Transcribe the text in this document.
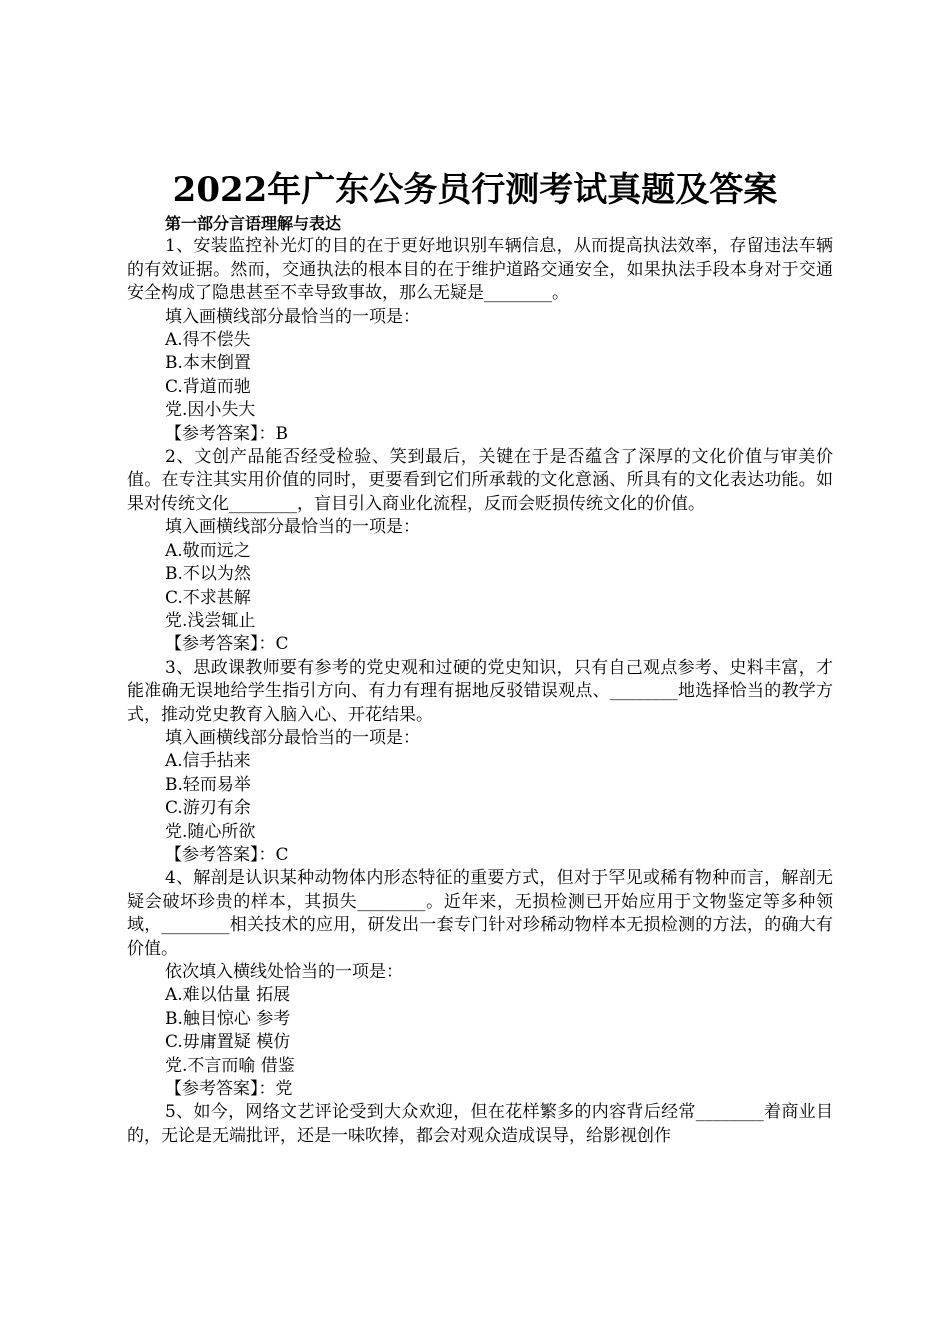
2022年广东公务员行测考试真题及答案
第一部分言语理解与表达

1、安装监控补光灯的目的在于更好地识别车辆信息，从而提高执法效率，存留违法车辆的有效证据。然而，交通执法的根本目的在于维护道路交通安全，如果执法手段本身对于交通安全构成了隐患甚至不幸导致事故，那么无疑是________。

填入画横线部分最恰当的一项是：
A.得不偿失
B.本末倒置
C.背道而驰
党.因小失大
【参考答案】：B

2、文创产品能否经受检验、笑到最后，关键在于是否蕴含了深厚的文化价值与审美价值。在专注其实用价值的同时，更要看到它们所承载的文化意涵、所具有的文化表达功能。如果对传统文化________，盲目引入商业化流程，反而会贬损传统文化的价值。

填入画横线部分最恰当的一项是：
A.敬而远之
B.不以为然
C.不求甚解
党.浅尝辄止
【参考答案】：C

3、思政课教师要有参考的党史观和过硬的党史知识，只有自己观点参考、史料丰富，才能准确无误地给学生指引方向、有力有理有据地反驳错误观点、________地选择恰当的教学方式，推动党史教育入脑入心、开花结果。

填入画横线部分最恰当的一项是：
A.信手拈来
B.轻而易举
C.游刃有余
党.随心所欲
【参考答案】：C

4、解剖是认识某种动物体内形态特征的重要方式，但对于罕见或稀有物种而言，解剖无疑会破坏珍贵的样本，其损失________。近年来，无损检测已开始应用于文物鉴定等多种领域，________相关技术的应用，研发出一套专门针对珍稀动物样本无损检测的方法，的确大有价值。

依次填入横线处恰当的一项是：
A.难以估量 拓展
B.触目惊心 参考
C.毋庸置疑 模仿
党.不言而喻 借鉴
【参考答案】：党

5、如今，网络文艺评论受到大众欢迎，但在花样繁多的内容背后经常________着商业目的，无论是无端批评，还是一味吹捧，都会对观众造成误导，给影视创作
